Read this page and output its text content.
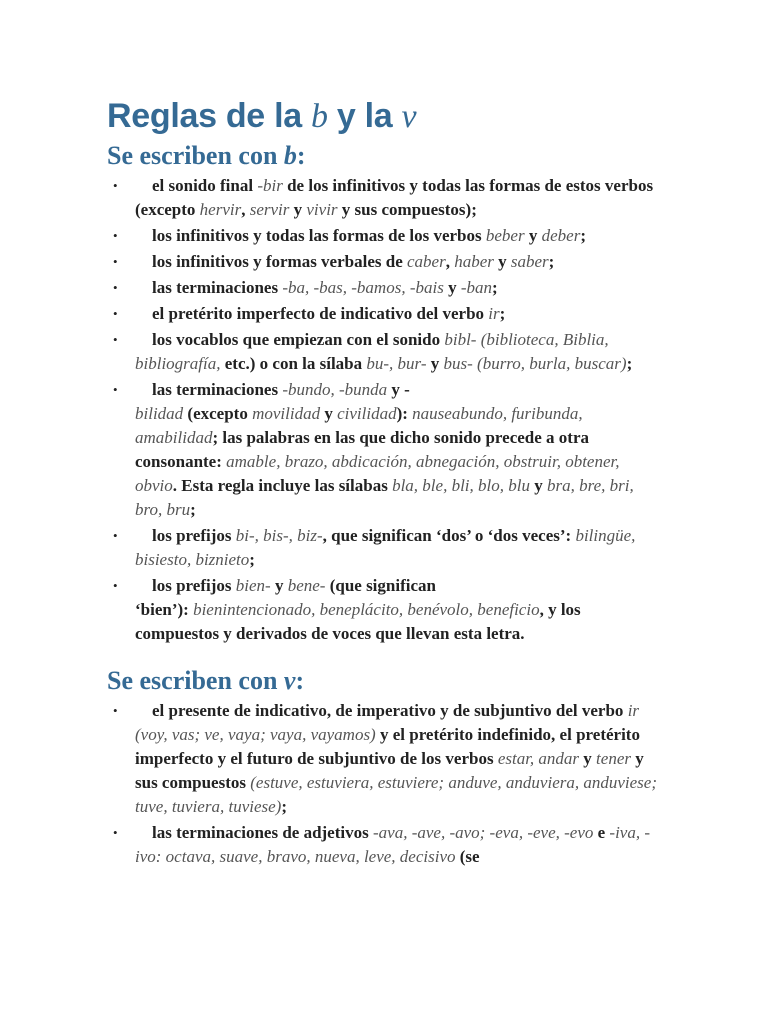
Reglas de la b y la v
Se escriben con b:
• el sonido final -bir de los infinitivos y todas las formas de estos verbos (excepto hervir, servir y vivir y sus compuestos);
• los infinitivos y todas las formas de los verbos beber y deber;
• los infinitivos y formas verbales de caber, haber y saber;
• las terminaciones -ba, -bas, -bamos, -bais y -ban;
• el pretérito imperfecto de indicativo del verbo ir;
• los vocablos que empiezan con el sonido bibl- (biblioteca, Biblia, bibliografía, etc.) o con la sílaba bu-, bur- y bus- (burro, burla, buscar);
• las terminaciones -bundo, -bunda y -
bilidad (excepto movilidad y civilidad): nauseabundo, furibunda, amabilidad; las palabras en las que dicho sonido precede a otra consonante: amable, brazo, abdicación, abnegación, obstruir, obtener, obvio. Esta regla incluye las sílabas bla, ble, bli, blo, blu y bra, bre, bri, bro, bru;
• los prefijos bi-, bis-, biz-, que significan ‘dos’ o ‘dos veces’: bilingüe, bisiesto, biznieto;
• los prefijos bien- y bene- (que significan
‘bien’): bienintencionado, beneplácito, benévolo, beneficio, y los compuestos y derivados de voces que llevan esta letra.
Se escriben con v:
• el presente de indicativo, de imperativo y de subjuntivo del verbo ir (voy, vas; ve, vaya; vaya, vayamos) y el pretérito indefinido, el pretérito imperfecto y el futuro de subjuntivo de los verbos estar, andar y tener y sus compuestos (estuve, estuviera, estuviere; anduve, anduviera, anduviese; tuve, tuviera, tuviese);
• las terminaciones de adjetivos -ava, -ave, -avo; -eva, -eve, -evo e -iva, -ivo: octava, suave, bravo, nueva, leve, decisivo (se
